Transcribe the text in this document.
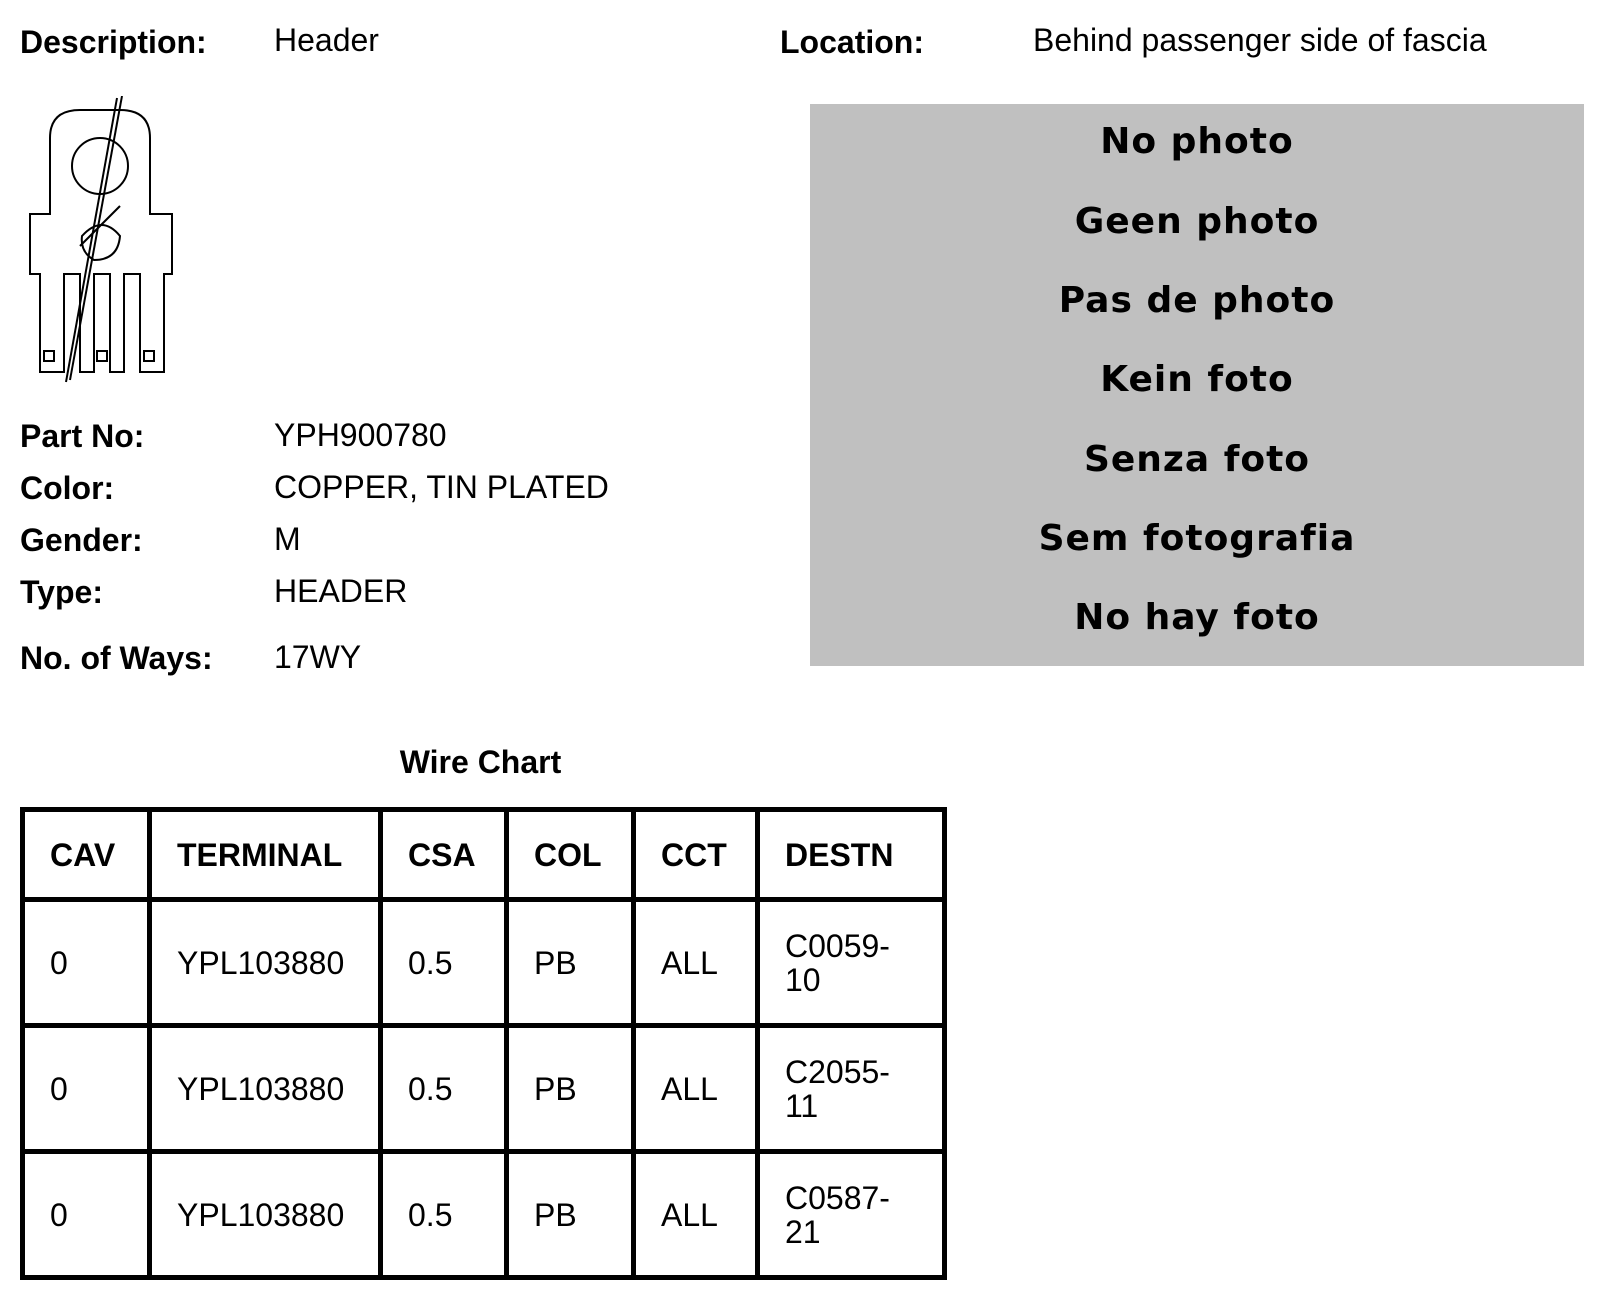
Description: Header	Location:	Behind passenger side of fascia
Part No:	YPH900780
Color:	COPPER, TIN PLATED
Gender:	M
Type:	HEADER
No. of Ways: 17WY
No photo
Geen photo
Pas de photo
Kein foto
Senza foto
Sem fotografia
No hay foto
Wire Chart
CAV	TERMINAL	CSA	COL	CCT	DESTN
0	YPL103880	0.5	PB	ALL	C0059-
10
0	YPL103880	0.5	PB	ALL	C2055-
11
0	YPL103880	0.5	PB	ALL	C0587-
21
